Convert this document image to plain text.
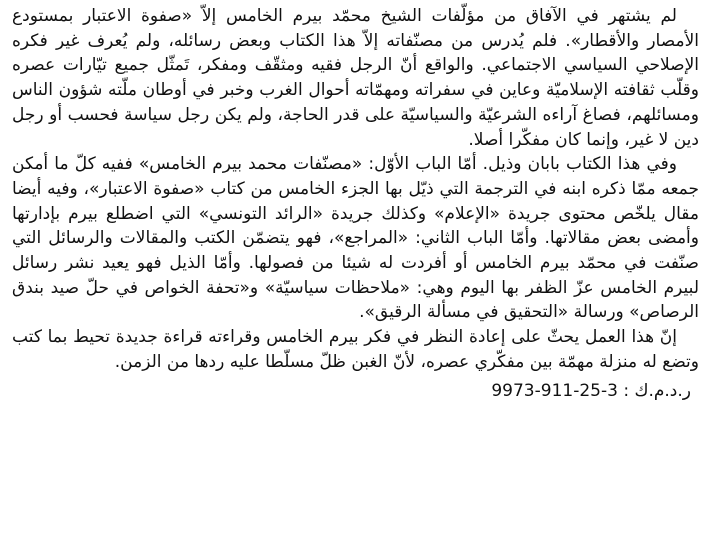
لم يشتهر في الآفاق من مؤلّفات الشيخ محمّد بيرم الخامس إلاّ «صفوة الاعتبار بمستودع الأمصار والأقطار». فلم يُدرس من مصنّفاته إلاّ هذا الكتاب وبعض رسائله، ولم يُعرف غير فكره الإصلاحي السياسي الاجتماعي. والواقع أنّ الرجل فقيه ومثقّف ومفكر، تَمثّل جميع تيّارات عصره وقلّب ثقافته الإسلاميّة وعاين في سفراته ومهمّاته أحوال الغرب وخبر في أوطان ملّته شؤون الناس ومسائلهم، فصاغ آراءه الشرعيّة والسياسيّة على قدر الحاجة، ولم يكن رجل سياسة فحسب أو رجل دين لا غير، وإنما كان مفكّرا أصلا.

وفي هذا الكتاب بابان وذيل. أمّا الباب الأوّل: «مصنّفات محمد بيرم الخامس» ففيه كلّ ما أمكن جمعه ممّا ذكره ابنه في الترجمة التي ذيّل بها الجزء الخامس من كتاب «صفوة الاعتبار»، وفيه أيضا مقال يلخّص محتوى جريدة «الإعلام» وكذلك جريدة «الرائد التونسي» التي اضطلع بيرم بإدارتها وأمضى بعض مقالاتها. وأمّا الباب الثاني: «المراجع»، فهو يتضمّن الكتب والمقالات والرسائل التي صنّفت في محمّد بيرم الخامس أو أفردت له شيئا من فصولها. وأمّا الذيل فهو يعيد نشر رسائل لبيرم الخامس عزّ الظفر بها اليوم وهي: «ملاحظات سياسيّة» و«تحفة الخواص في حلّ صيد بندق الرصاص» ورسالة «التحقيق في مسألة الرقيق».

إنّ هذا العمل يحثّ على إعادة النظر في فكر بيرم الخامس وقراءته قراءة جديدة تحيط بما كتب وتضع له منزلة مهمّة بين مفكّري عصره، لأنّ الغبن ظلّ مسلّطا عليه ردها من الزمن.

ر.د.م.ك : 9973-911-25-3
